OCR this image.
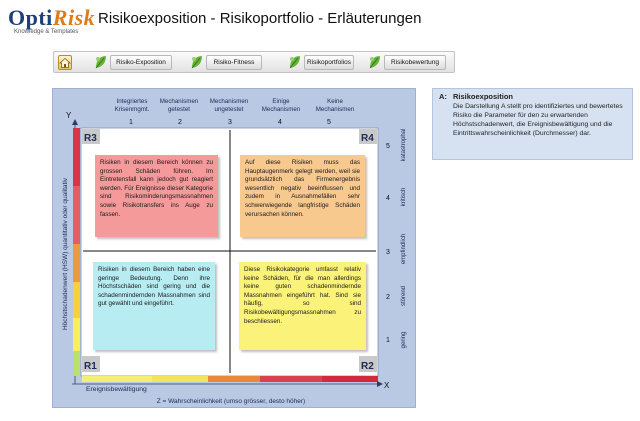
OptiRisk
Knowledge & Templates
Risikoexposition - Risikoportfolio - Erläuterungen
Risiko-Exposition	Risiko-Fitness	Risikoportfolios	Risikobewertung
Integriertes
Krisenmgmt.
Mechanismen
getestet
Mechanismen
ungetestet
Einige
Mechanismen
Keine
Mechanismen
1	2	3	4	5
Y
Höchstschadenwert (HSW) quantitativ oder qualitativ
R3	R4
R1	R2
5
4
3
2
1
katastrophal
kritisch
empfindlich
störend
gering
X
Ereignisbewältigung
Z = Wahrscheinlichkeit (umso grösser, desto höher)
Risiken in diesem Bereich können zu grossen Schäden führen. Im Eintretensfall kann jedoch gut reagiert werden. Für Ereignisse dieser Kategorie sind Risikominderungsmassnahmen sowie Risikotransfers ins Auge zu fassen.
Auf diese Risiken muss das Hauptaugenmerk gelegt werden, weil sie grundsätzlich das Firmenergebnis wesentlich negativ beeinflussen und zudem in Ausnahmefällen sehr schwerwiegende langfristige Schäden verursachen können.
Risiken in diesem Bereich haben eine geringe Bedeutung. Denn ihre Höchstschäden sind gering und die schadenmindernden Massnahmen sind gut gewählt und eingeführt.
Diese Risikokategorie umfasst relativ keine Schäden, für die man allerdings keine guten schadenmindernde Massnahmen eingeführt hat. Sind sie häufig, so sind Risikobewältigungsmassnahmen zu beschliessen.
A: Risikoexposition
Die Darstellung A stellt pro identifiziertes und bewertetes Risiko die Parameter für den zu erwartenden Höchstschadenwert, die Ereignisbewältigung und die Eintrittswahrscheinlichkeit (Durchmesser) dar.
